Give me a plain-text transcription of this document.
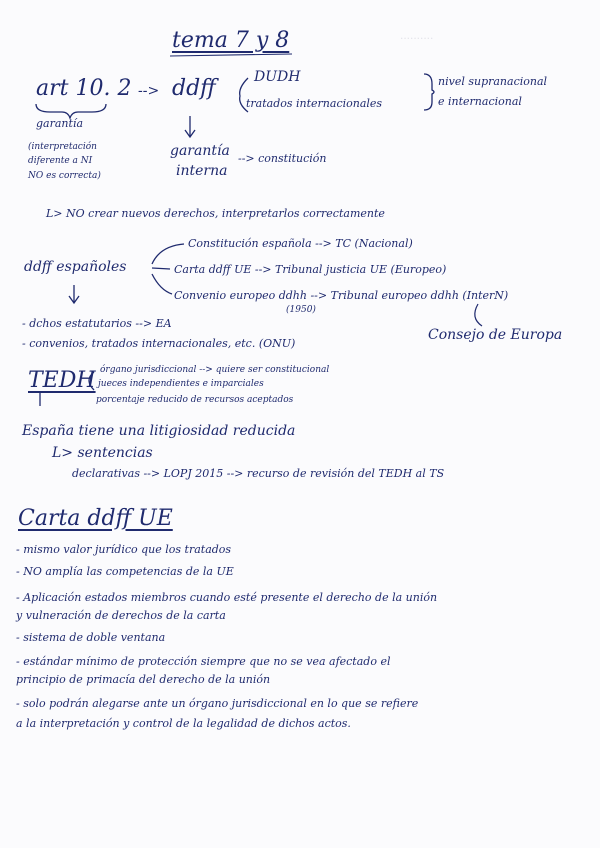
..........
tema 7 y 8
art 10. 2 --> ddff	DUDH
tratados internacionales
nivel supranacional
e internacional
garantía
(interpretación
diferente a NI
NO es correcta)
garantía
interna
--> constitución
L> NO crear nuevos derechos, interpretarlos correctamente
ddff españoles
Constitución española --> TC (Nacional)
Carta ddff UE --> Tribunal justicia UE (Europeo)
Convenio europeo ddhh --> Tribunal europeo ddhh (InterN)
(1950)
Consejo de Europa
- dchos estatutarios --> EA
- convenios, tratados internacionales, etc. (ONU)
TEDH órgano jurisdiccional --> quiere ser constitucional
jueces independientes e imparciales
porcentaje reducido de recursos aceptados
España tiene una litigiosidad reducida
L> sentencias
declarativas --> LOPJ 2015 --> recurso de revisión del TEDH al TS
Carta ddff UE
- mismo valor jurídico que los tratados
- NO amplía las competencias de la UE
- Aplicación estados miembros cuando esté presente el derecho de la unión
y vulneración de derechos de la carta
- sistema de doble ventana
- estándar mínimo de protección siempre que no se vea afectado el
principio de primacía del derecho de la unión
- solo podrán alegarse ante un órgano jurisdiccional en lo que se refiere
a la interpretación y control de la legalidad de dichos actos.
